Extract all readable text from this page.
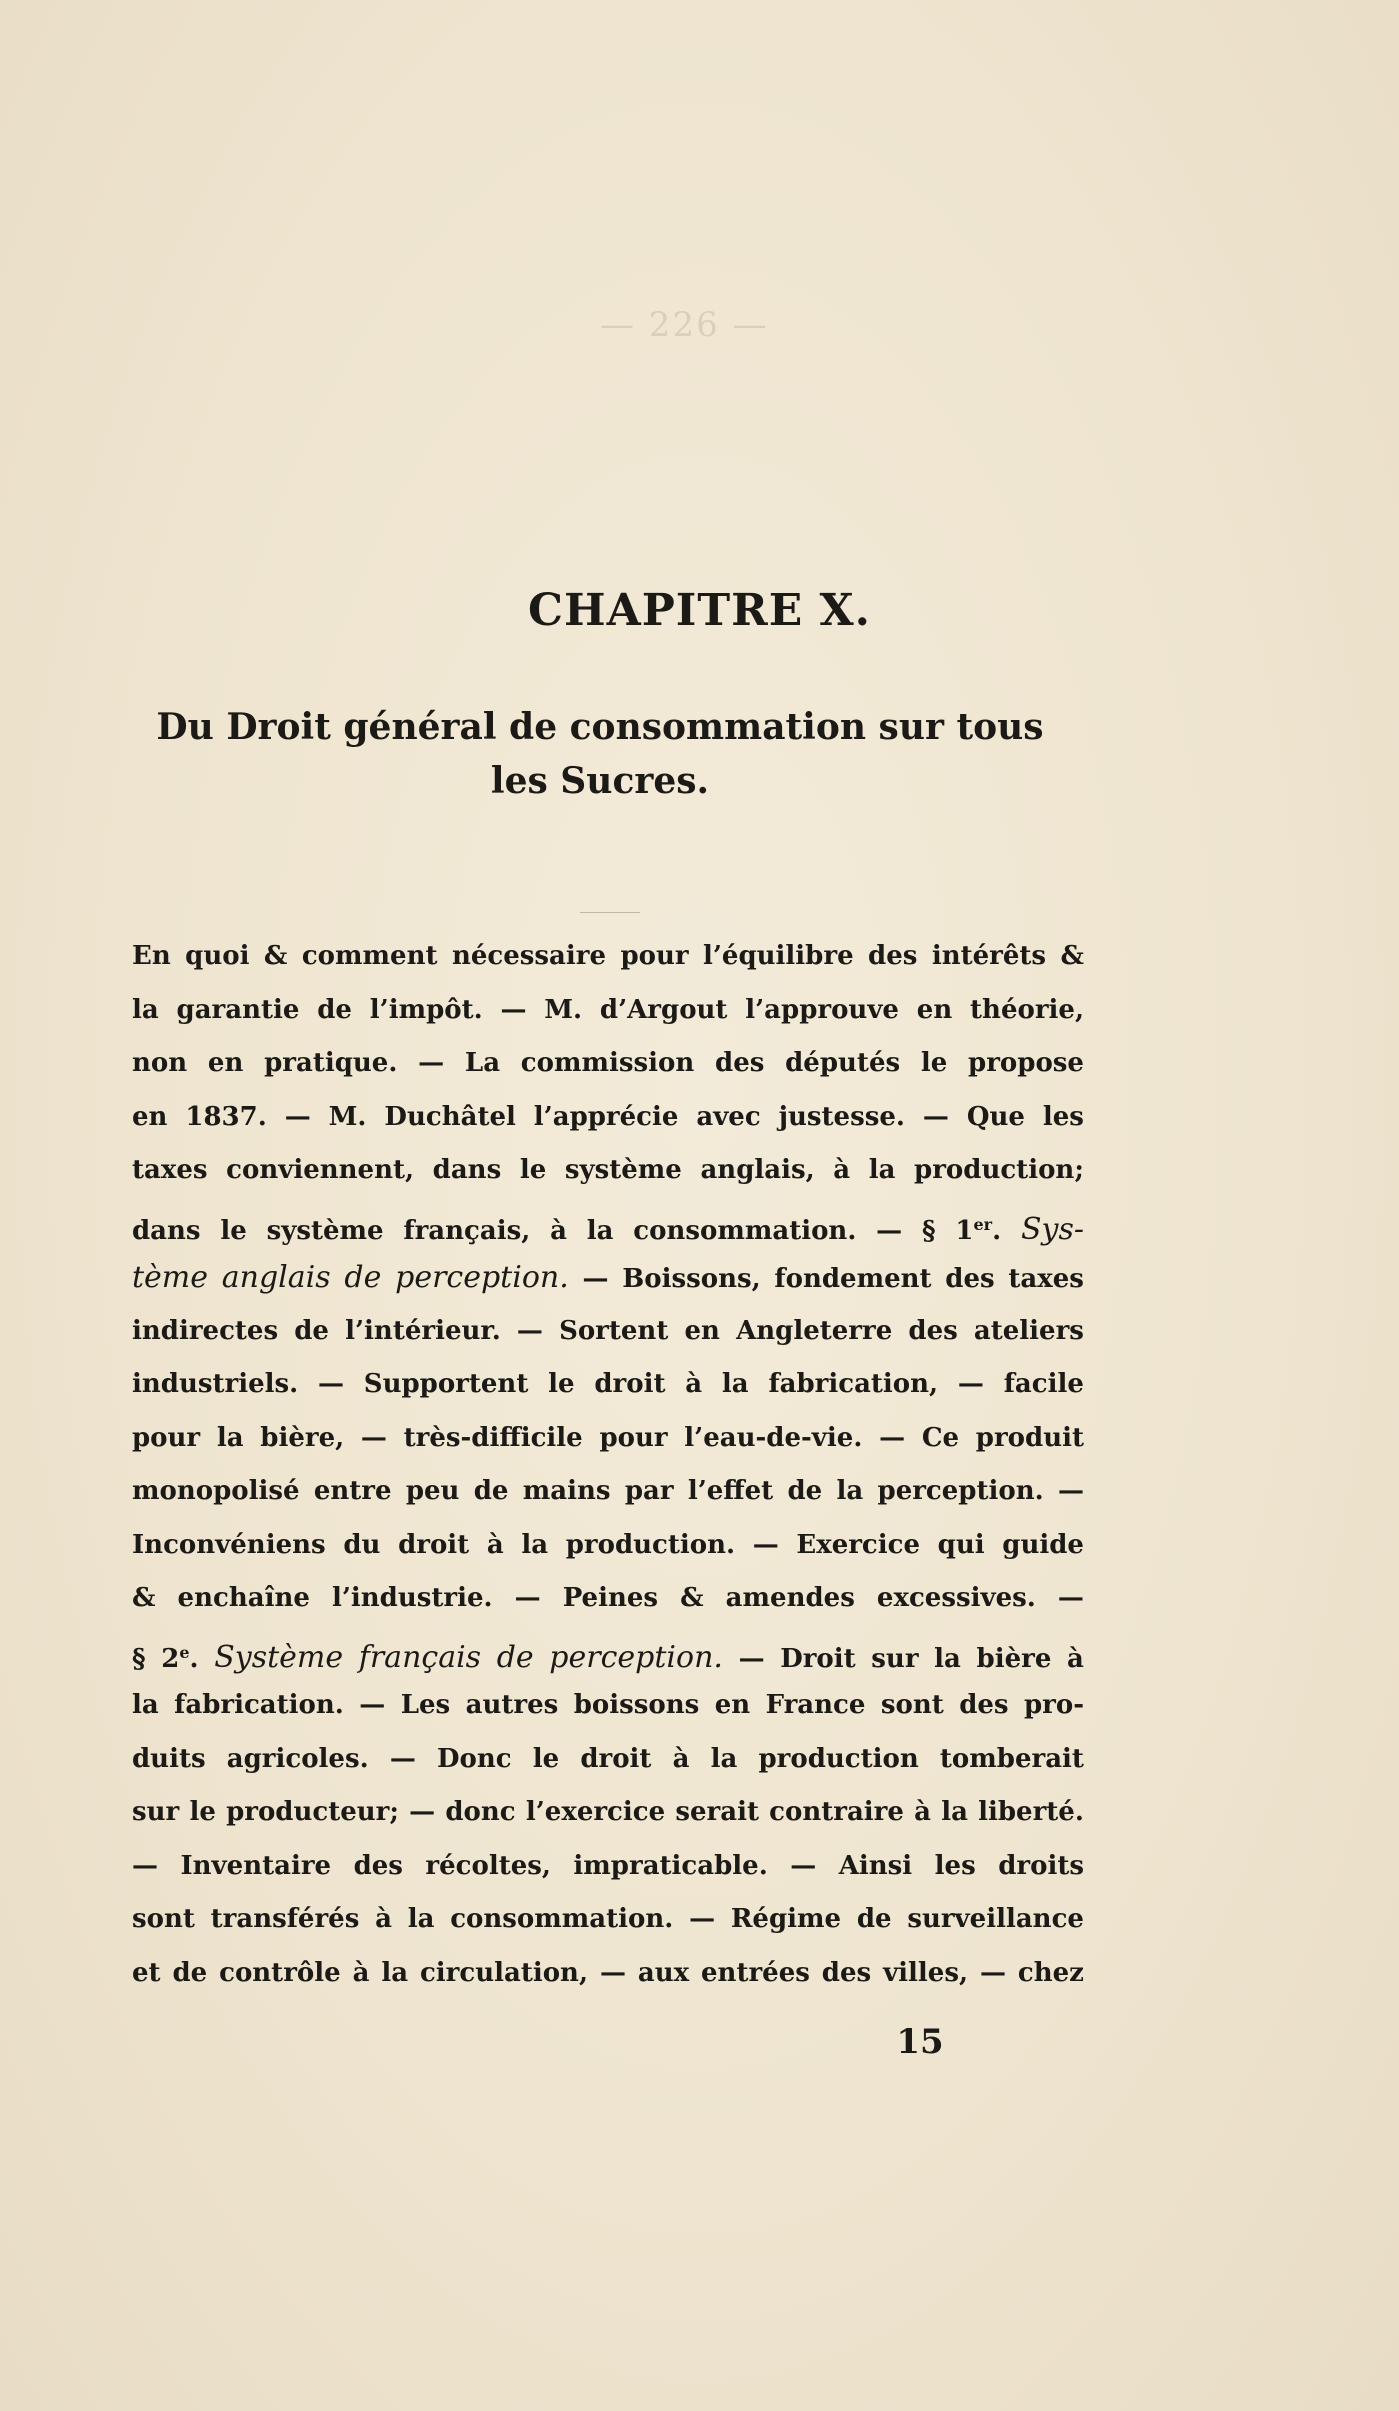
— 226 —
CHAPITRE X.
Du Droit général de consommation sur tous
les Sucres.
En quoi & comment nécessaire pour l’équilibre des intérêts &
la garantie de l’impôt. — M. d’Argout l’approuve en théorie,
non en pratique. — La commission des députés le propose
en 1837. — M. Duchâtel l’apprécie avec justesse. — Que les
taxes conviennent, dans le système anglais, à la production;
dans le système français, à la consommation. — § 1er. Sys-
tème anglais de perception. — Boissons, fondement des taxes
indirectes de l’intérieur. — Sortent en Angleterre des ateliers
industriels. — Supportent le droit à la fabrication, — facile
pour la bière, — très-difficile pour l’eau-de-vie. — Ce produit
monopolisé entre peu de mains par l’effet de la perception. —
Inconvéniens du droit à la production. — Exercice qui guide
& enchaîne l’industrie. — Peines & amendes excessives. —
§ 2e. Système français de perception. — Droit sur la bière à
la fabrication. — Les autres boissons en France sont des pro-
duits agricoles. — Donc le droit à la production tomberait
sur le producteur; — donc l’exercice serait contraire à la liberté.
— Inventaire des récoltes, impraticable. — Ainsi les droits
sont transférés à la consommation. — Régime de surveillance
et de contrôle à la circulation, — aux entrées des villes, — chez
15
